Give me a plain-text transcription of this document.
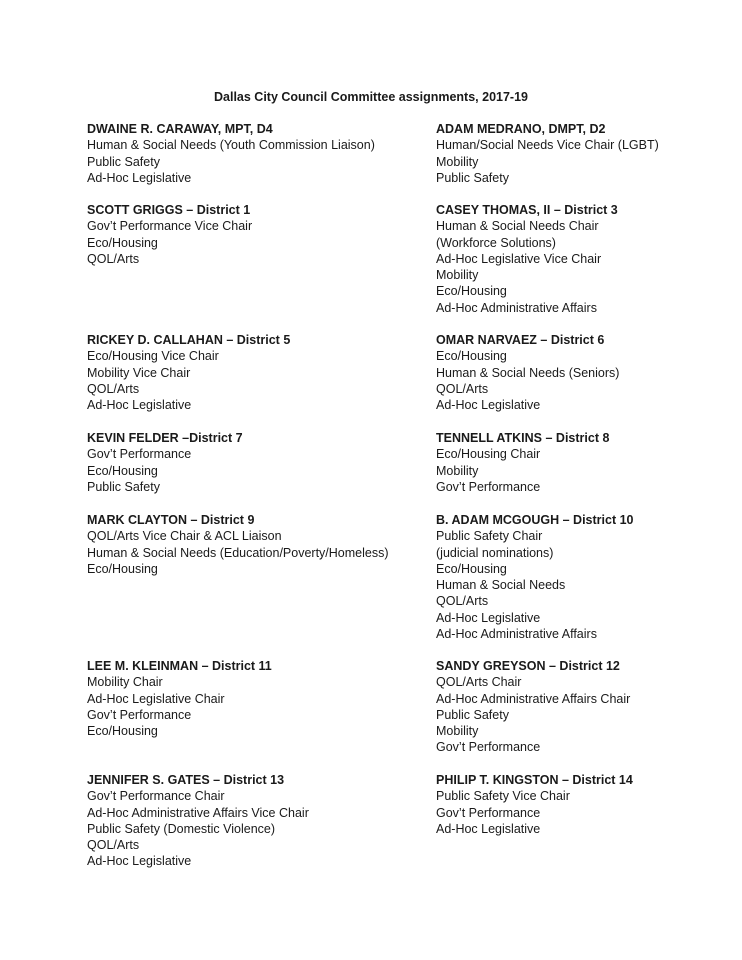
Dallas City Council Committee assignments, 2017-19
DWAINE R. CARAWAY, MPT, D4
Human & Social Needs (Youth Commission Liaison)
Public Safety
Ad-Hoc Legislative
ADAM MEDRANO, DMPT, D2
Human/Social Needs Vice Chair (LGBT)
Mobility
Public Safety
SCOTT GRIGGS – District 1
Gov’t Performance Vice Chair
Eco/Housing
QOL/Arts
CASEY THOMAS, II – District 3
Human & Social Needs Chair
(Workforce Solutions)
Ad-Hoc Legislative Vice Chair
Mobility
Eco/Housing
Ad-Hoc Administrative Affairs
RICKEY D. CALLAHAN – District 5
Eco/Housing Vice Chair
Mobility Vice Chair
QOL/Arts
Ad-Hoc Legislative
OMAR NARVAEZ – District 6
Eco/Housing
Human & Social Needs (Seniors)
QOL/Arts
Ad-Hoc Legislative
KEVIN FELDER –District 7
Gov’t Performance
Eco/Housing
Public Safety
TENNELL ATKINS – District 8
Eco/Housing Chair
Mobility
Gov’t Performance
MARK CLAYTON – District 9
QOL/Arts Vice Chair & ACL Liaison
Human & Social Needs (Education/Poverty/Homeless)
Eco/Housing
B. ADAM MCGOUGH – District 10
Public Safety Chair
(judicial nominations)
Eco/Housing
Human & Social Needs
QOL/Arts
Ad-Hoc Legislative
Ad-Hoc Administrative Affairs
LEE M. KLEINMAN – District 11
Mobility Chair
Ad-Hoc Legislative Chair
Gov’t Performance
Eco/Housing
SANDY GREYSON – District 12
QOL/Arts Chair
Ad-Hoc Administrative Affairs Chair
Public Safety
Mobility
Gov’t Performance
JENNIFER S. GATES – District 13
Gov’t Performance Chair
Ad-Hoc Administrative Affairs Vice Chair
Public Safety (Domestic Violence)
QOL/Arts
Ad-Hoc Legislative
PHILIP T. KINGSTON – District 14
Public Safety Vice Chair
Gov’t Performance
Ad-Hoc Legislative
